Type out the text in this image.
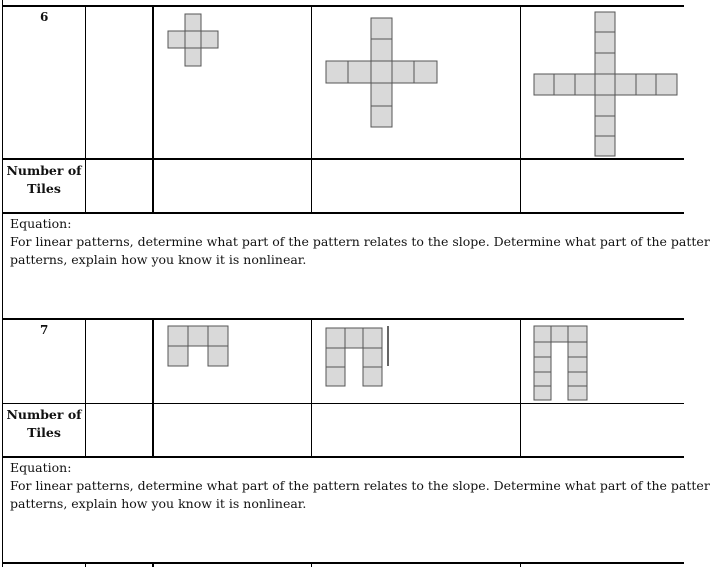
6
Number of
Tiles
Equation:
For linear patterns, determine what part of the pattern relates to the slope. Determine what part of the patter
patterns, explain how you know it is nonlinear.
7
Number of
Tiles
Equation:
For linear patterns, determine what part of the pattern relates to the slope. Determine what part of the patter
patterns, explain how you know it is nonlinear.
